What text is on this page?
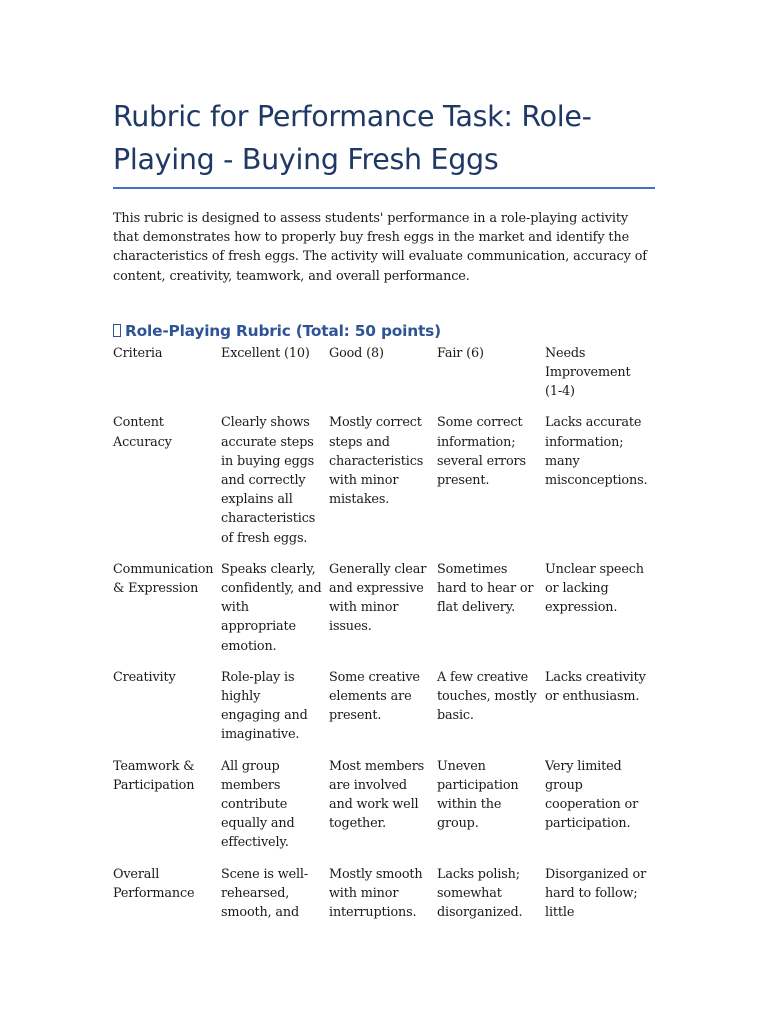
Rubric for Performance Task: Role-Playing - Buying Fresh Eggs

This rubric is designed to assess students' performance in a role-playing activity that demonstrates how to properly buy fresh eggs in the market and identify the characteristics of fresh eggs. The activity will evaluate communication, accuracy of content, creativity, teamwork, and overall performance.

Role-Playing Rubric (Total: 50 points)
Criteria	Excellent (10)	Good (8)	Fair (6)	Needs Improvement (1-4)
Content Accuracy	Clearly shows accurate steps in buying eggs and correctly explains all characteristics of fresh eggs.	Mostly correct steps and characteristics with minor mistakes.	Some correct information; several errors present.	Lacks accurate information; many misconceptions.
Communication & Expression	Speaks clearly, confidently, and with appropriate emotion.	Generally clear and expressive with minor issues.	Sometimes hard to hear or flat delivery.	Unclear speech or lacking expression.
Creativity	Role-play is highly engaging and imaginative.	Some creative elements are present.	A few creative touches, mostly basic.	Lacks creativity or enthusiasm.
Teamwork & Participation	All group members contribute equally and effectively.	Most members are involved and work well together.	Uneven participation within the group.	Very limited group cooperation or participation.
Overall Performance	Scene is well-rehearsed, smooth, and	Mostly smooth with minor interruptions.	Lacks polish; somewhat disorganized.	Disorganized or hard to follow; little
